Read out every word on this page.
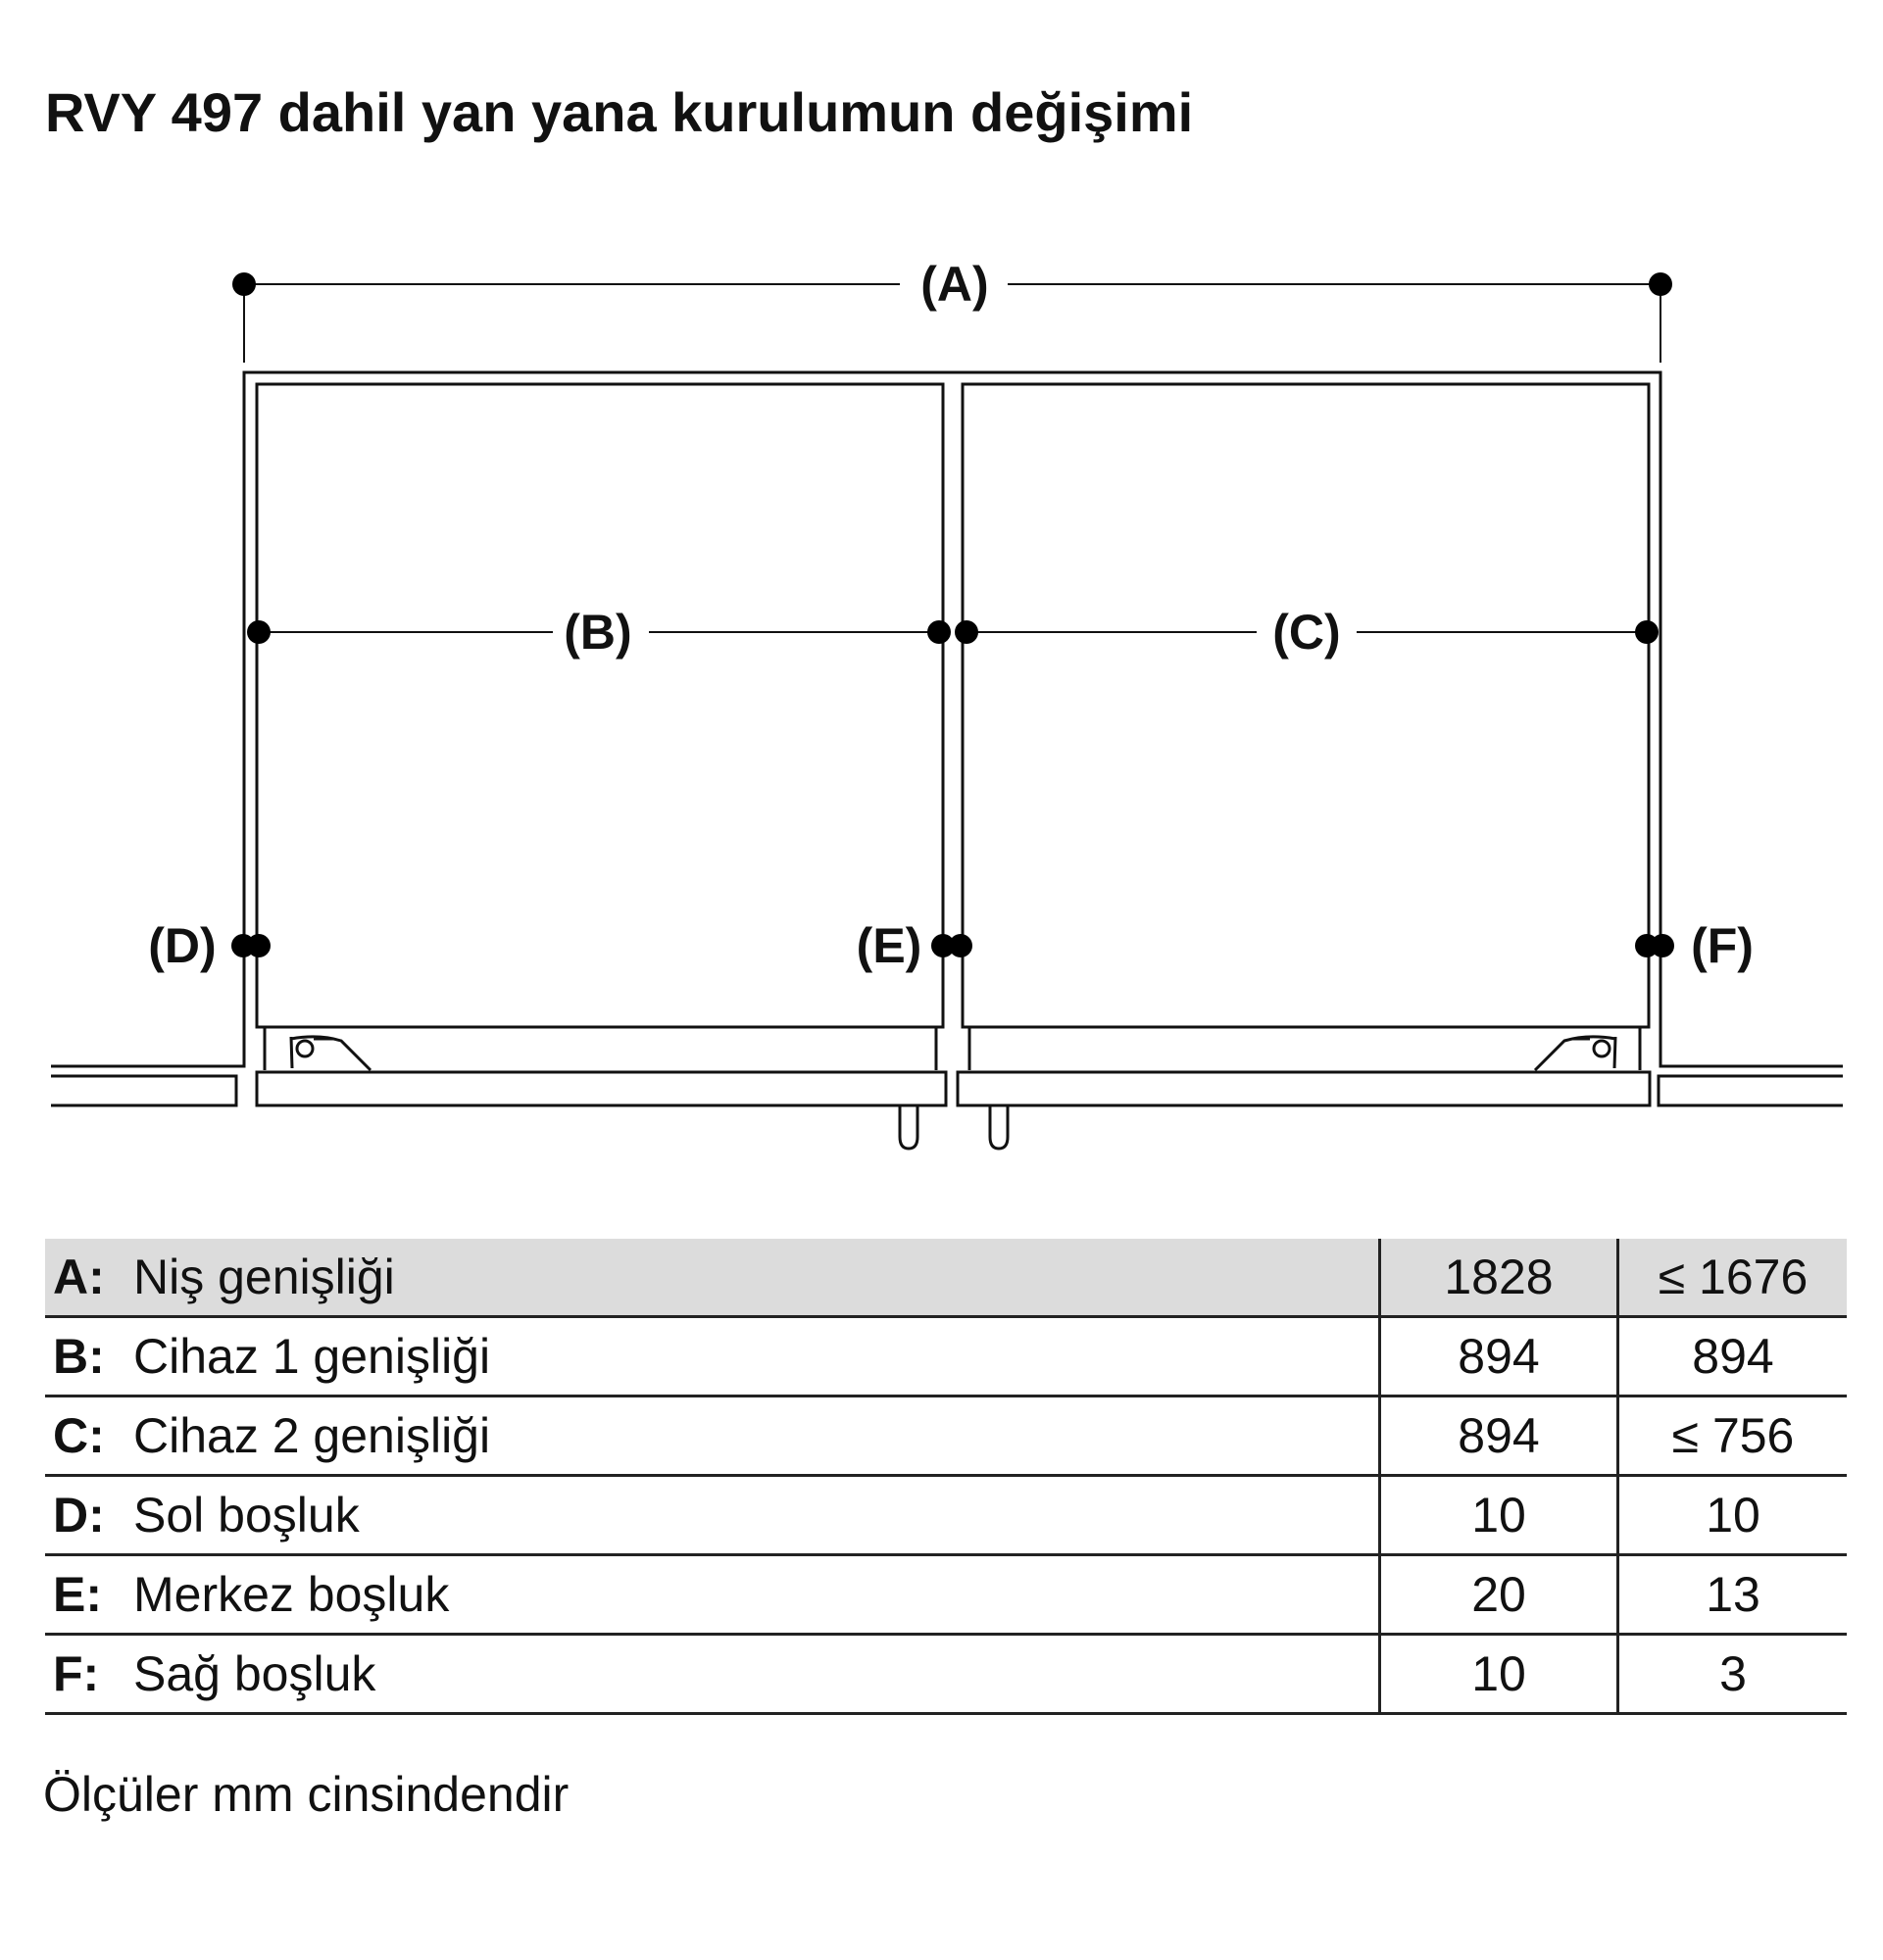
RVY 497 dahil yan yana kurulumun değişimi
(A)
(B)	(C)
(D)	(E)	(F)
A:	Niş genişliği	1828	≤ 1676
B:	Cihaz 1 genişliği	894	894
C:	Cihaz 2 genişliği	894	≤ 756
D:	Sol boşluk	10	10
E:	Merkez boşluk	20	13
F:	Sağ boşluk	10	3
Ölçüler mm cinsindendir
